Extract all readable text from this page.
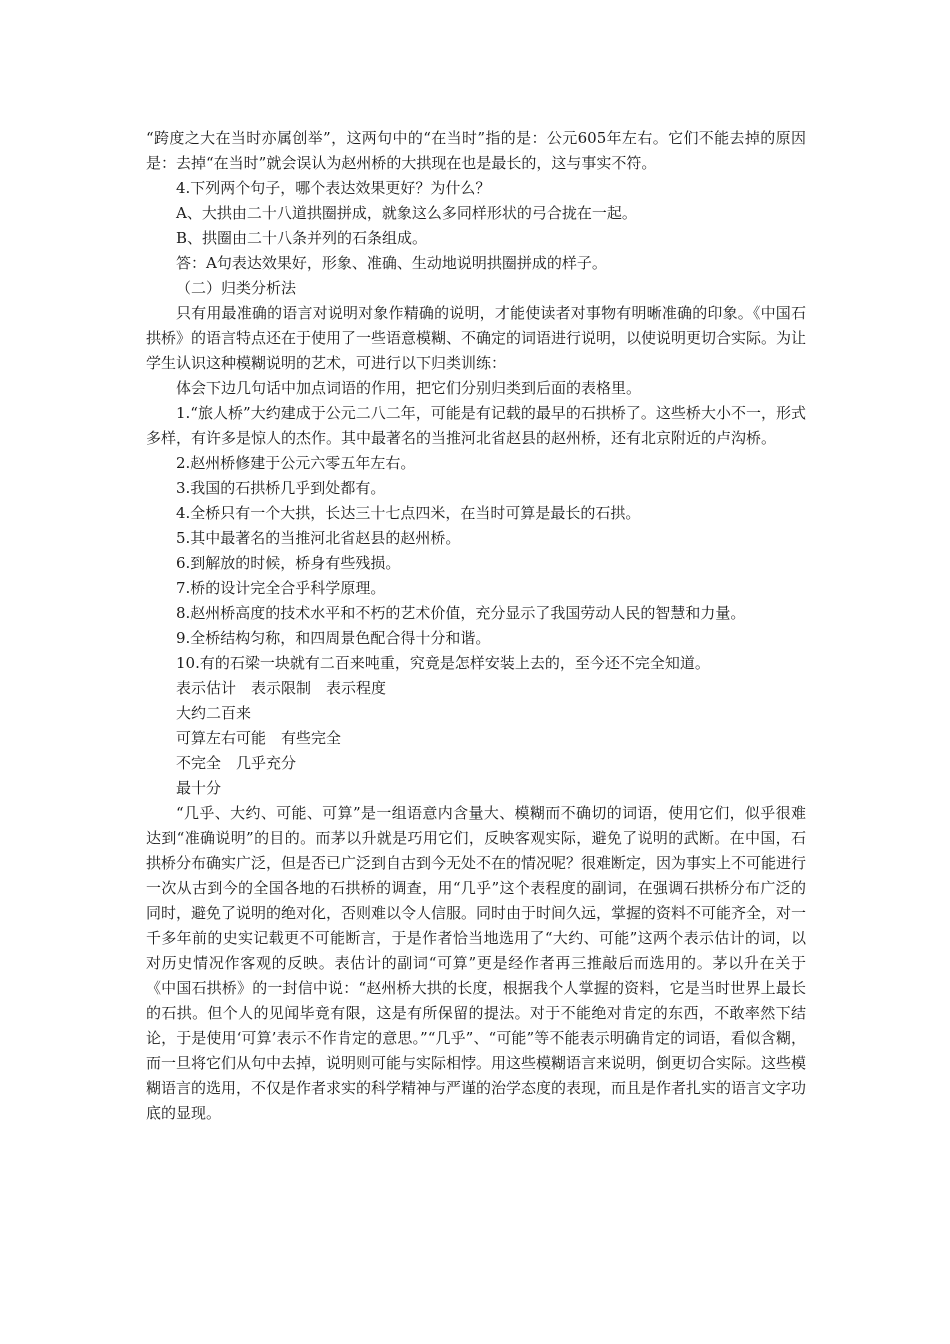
“跨度之大在当时亦属创举”，这两句中的“在当时”指的是：公元605年左右。它们不能去掉的原因是：去掉“在当时”就会误认为赵州桥的大拱现在也是最长的，这与事实不符。

4.下列两个句子，哪个表达效果更好？为什么？

A、大拱由二十八道拱圈拼成，就象这么多同样形状的弓合拢在一起。

B、拱圈由二十八条并列的石条组成。

答：A句表达效果好，形象、准确、生动地说明拱圈拼成的样子。

（二）归类分析法

只有用最准确的语言对说明对象作精确的说明，才能使读者对事物有明晰准确的印象。《中国石拱桥》的语言特点还在于使用了一些语意模糊、不确定的词语进行说明，以使说明更切合实际。为让学生认识这种模糊说明的艺术，可进行以下归类训练：

体会下边几句话中加点词语的作用，把它们分别归类到后面的表格里。

1.“旅人桥”大约建成于公元二八二年，可能是有记载的最早的石拱桥了。这些桥大小不一，形式多样，有许多是惊人的杰作。其中最著名的当推河北省赵县的赵州桥，还有北京附近的卢沟桥。

2.赵州桥修建于公元六零五年左右。

3.我国的石拱桥几乎到处都有。

4.全桥只有一个大拱，长达三十七点四米，在当时可算是最长的石拱。

5.其中最著名的当推河北省赵县的赵州桥。

6.到解放的时候，桥身有些残损。

7.桥的设计完全合乎科学原理。

8.赵州桥高度的技术水平和不朽的艺术价值，充分显示了我国劳动人民的智慧和力量。

9.全桥结构匀称，和四周景色配合得十分和谐。

10.有的石梁一块就有二百来吨重，究竟是怎样安装上去的，至今还不完全知道。

表示估计　表示限制　表示程度

大约二百来

可算左右可能　有些完全

不完全　几乎充分

最十分

“几乎、大约、可能、可算”是一组语意内含量大、模糊而不确切的词语，使用它们，似乎很难达到“准确说明”的目的。而茅以升就是巧用它们，反映客观实际，避免了说明的武断。在中国，石拱桥分布确实广泛，但是否已广泛到自古到今无处不在的情况呢？很难断定，因为事实上不可能进行一次从古到今的全国各地的石拱桥的调查，用“几乎”这个表程度的副词，在强调石拱桥分布广泛的同时，避免了说明的绝对化，否则难以令人信服。同时由于时间久远，掌握的资料不可能齐全，对一千多年前的史实记载更不可能断言，于是作者恰当地选用了“大约、可能”这两个表示估计的词，以对历史情况作客观的反映。表估计的副词“可算”更是经作者再三推敲后而选用的。茅以升在关于《中国石拱桥》的一封信中说：“赵州桥大拱的长度，根据我个人掌握的资料，它是当时世界上最长的石拱。但个人的见闻毕竟有限，这是有所保留的提法。对于不能绝对肯定的东西，不敢率然下结论，于是使用‘可算’表示不作肯定的意思。”“几乎”、“可能”等不能表示明确肯定的词语，看似含糊，而一旦将它们从句中去掉，说明则可能与实际相悖。用这些模糊语言来说明，倒更切合实际。这些模糊语言的选用，不仅是作者求实的科学精神与严谨的治学态度的表现，而且是作者扎实的语言文字功底的显现。
